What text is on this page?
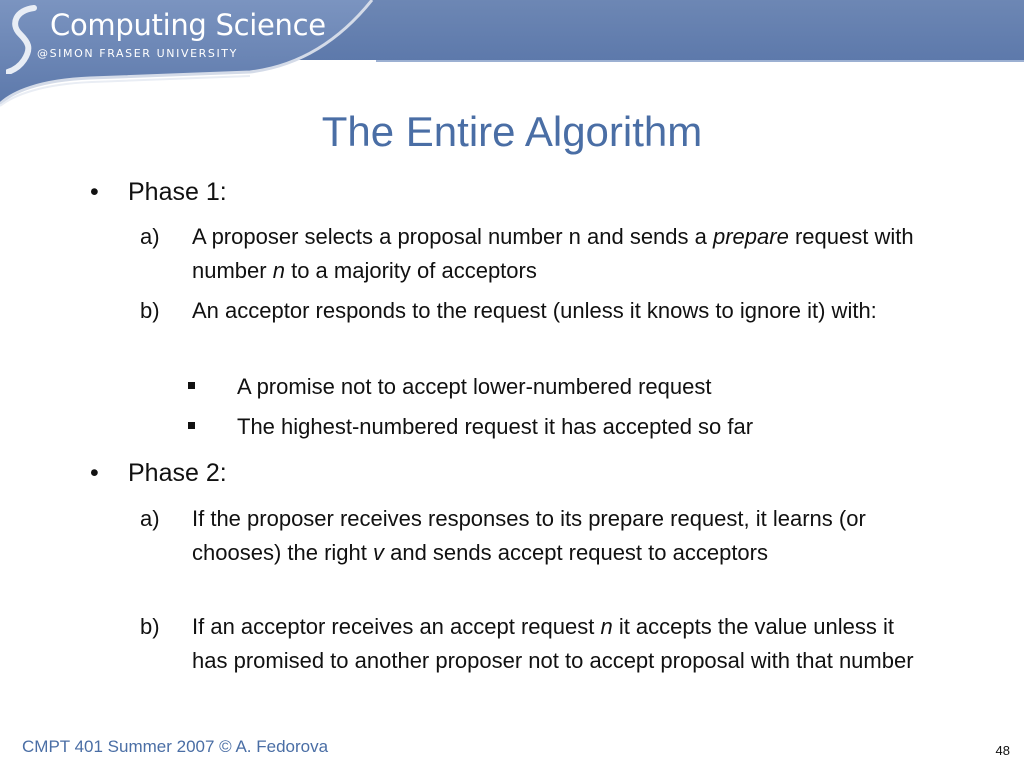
Computing Science
@SIMON FRASER UNIVERSITY
The Entire Algorithm
• Phase 1:
a) A proposer selects a proposal number n and sends a prepare request with number n to a majority of acceptors
b) An acceptor responds to the request (unless it knows to ignore it) with:
A promise not to accept lower-numbered request
The highest-numbered request it has accepted so far
• Phase 2:
a) If the proposer receives responses to its prepare request, it learns (or chooses) the right v and sends accept request to acceptors
b) If an acceptor receives an accept request n it accepts the value unless it has promised to another proposer not to accept proposal with that number
CMPT 401 Summer 2007 © A. Fedorova	48
